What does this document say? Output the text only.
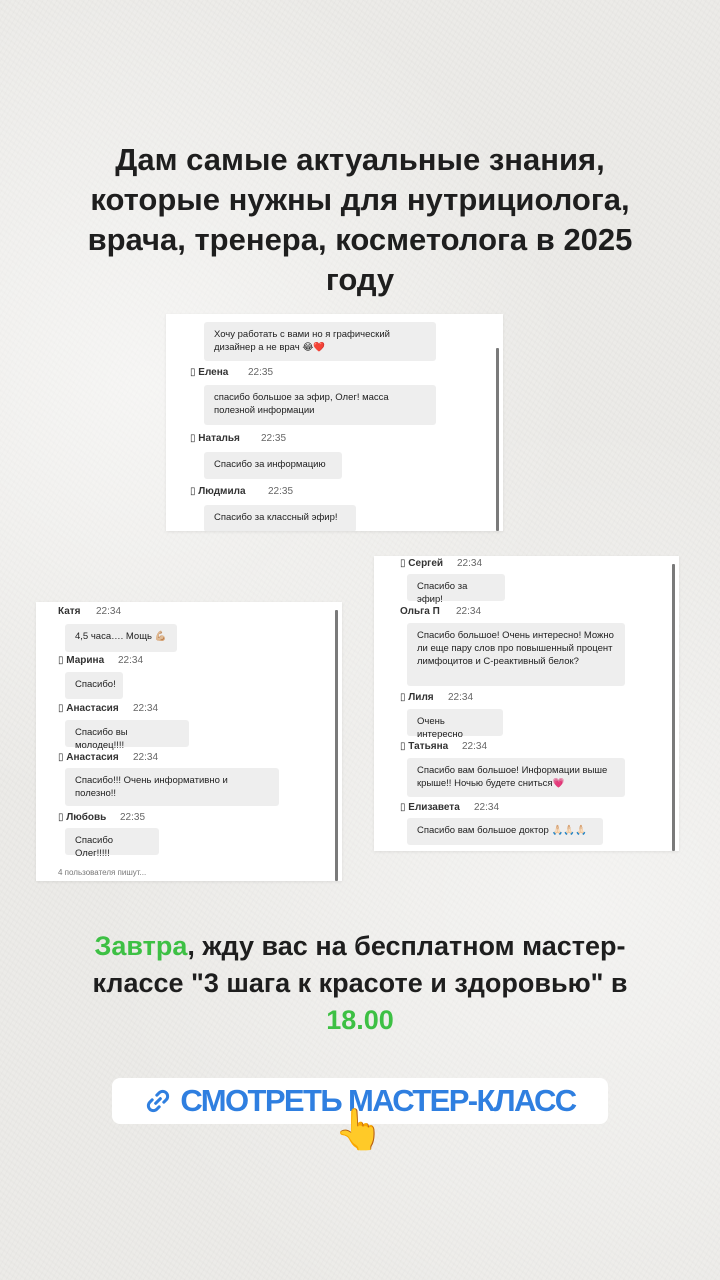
Дам самые актуальные знания, которые нужны для нутрициолога, врача, тренера, косметолога в 2025 году
Хочу работать с вами но я графический дизайнер а не врач 😂❤️
▯ Елена 22:35
спасибо большое за эфир, Олег! масса полезной информации
▯ Наталья 22:35
Спасибо за информацию
▯ Людмила 22:35
Спасибо за классный эфир!
▯ Сергей 22:34
Спасибо за эфир!
Ольга П 22:34
Спасибо большое! Очень интересно! Можно ли еще пару слов про повышенный процент лимфоцитов и С-реактивный белок?
▯ Лиля 22:34
Очень интересно
▯ Татьяна 22:34
Спасибо вам большое! Информации выше крыше!! Ночью будете сниться💗
▯ Елизавета 22:34
Спасибо вам большое доктор 🙏🏻🙏🏻🙏🏻
Катя 22:34
4,5 часа…. Мощь 💪🏼
▯ Марина 22:34
Спасибо!
▯ Анастасия 22:34
Спасибо вы молодец!!!!
▯ Анастасия 22:34
Спасибо!!! Очень информативно и полезно!!
▯ Любовь 22:35
Спасибо Олег!!!!!
4 пользователя пишут...

Завтра, жду вас на бесплатном мастер-классе "3 шага к красоте и здоровью" в 18.00

СМОТРЕТЬ МАСТЕР-КЛАСС
👆
